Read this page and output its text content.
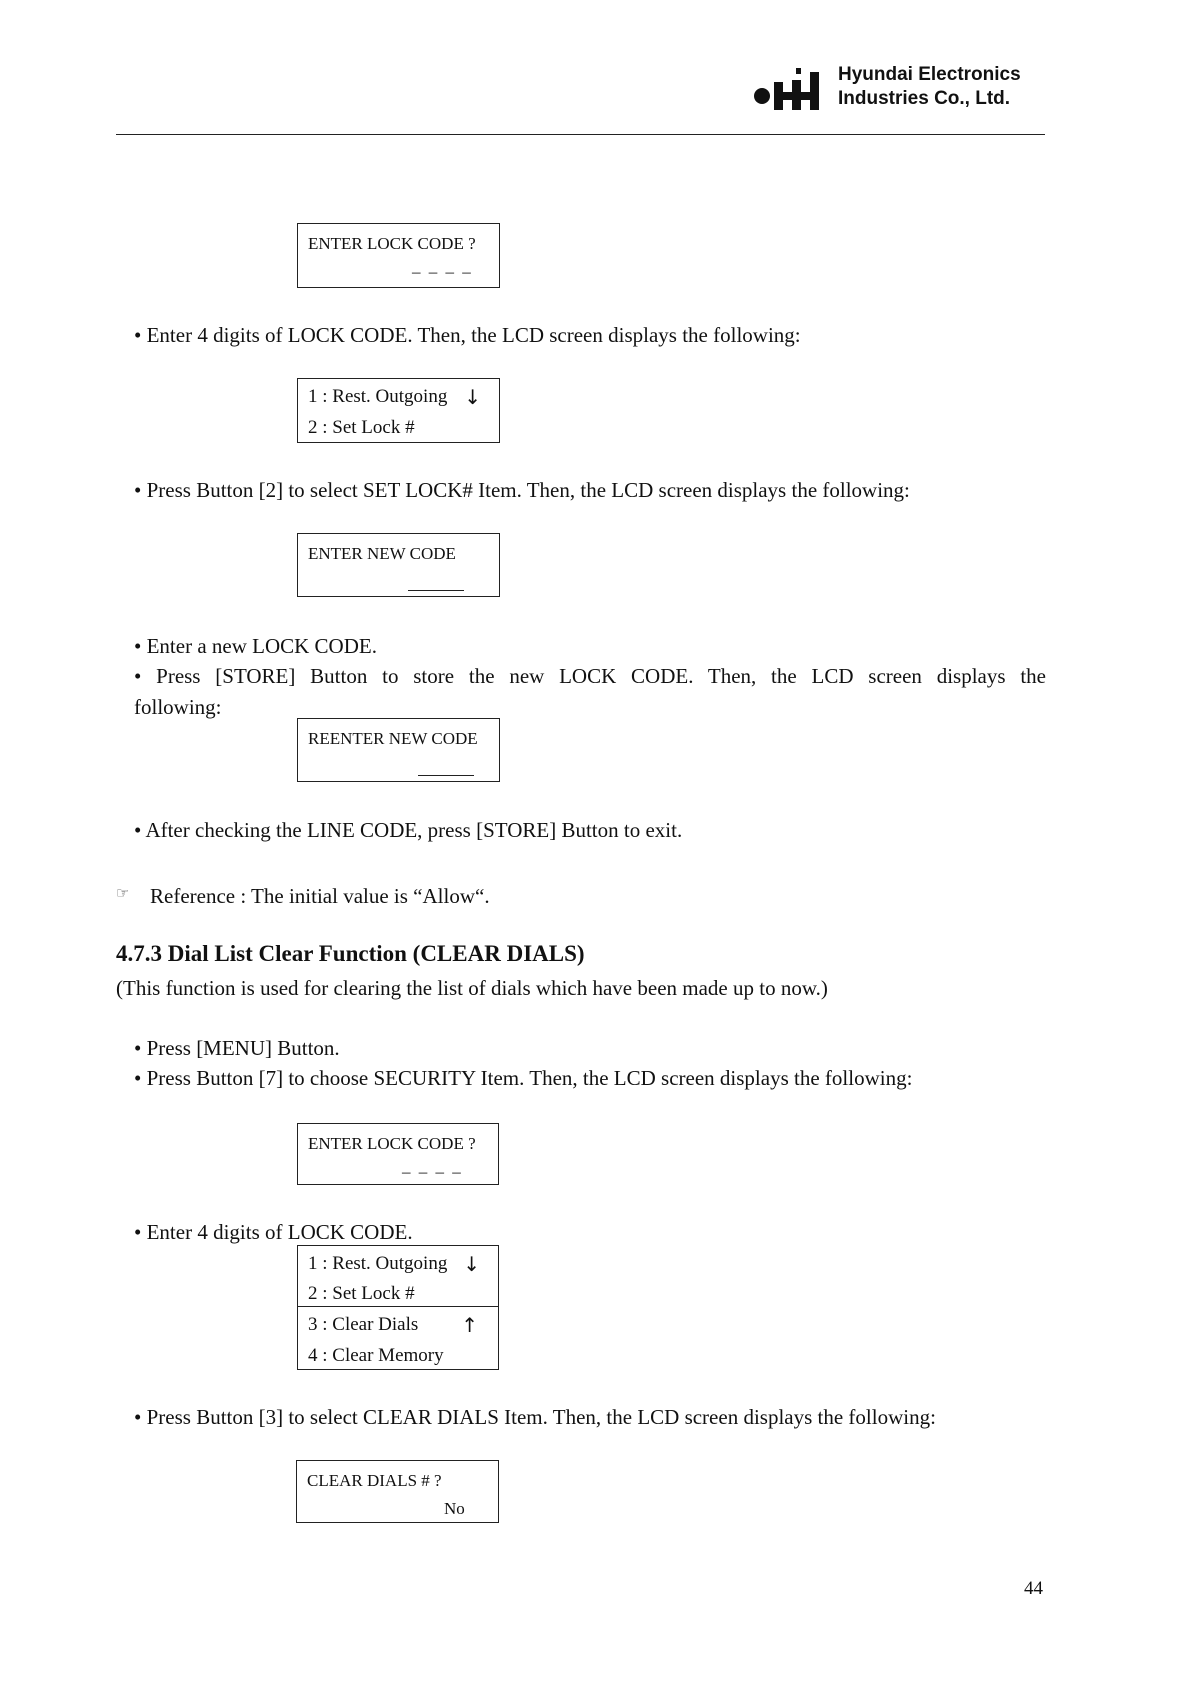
Hyundai Electronics
Industries Co., Ltd.
ENTER LOCK CODE ?
– – – –
• Enter 4 digits of LOCK CODE. Then, the LCD screen displays the following:
1 : Rest. Outgoing ↓
2 : Set Lock #
• Press Button [2] to select SET LOCK# Item. Then, the LCD screen displays the following:
ENTER NEW CODE
• Enter a new LOCK CODE.
• Press [STORE] Button to store the new LOCK CODE. Then, the LCD screen displays the
following:
REENTER NEW CODE
• After checking the LINE CODE, press [STORE] Button to exit.
☞ Reference : The initial value is “Allow“.
4.7.3 Dial List Clear Function (CLEAR DIALS)
(This function is used for clearing the list of dials which have been made up to now.)
• Press [MENU] Button.
• Press Button [7] to choose SECURITY Item. Then, the LCD screen displays the following:
ENTER LOCK CODE ?
– – – –
• Enter 4 digits of LOCK CODE.
1 : Rest. Outgoing ↓
2 : Set Lock #
3 : Clear Dials ↑
4 : Clear Memory
• Press Button [3] to select CLEAR DIALS Item. Then, the LCD screen displays the following:
CLEAR DIALS # ?
No
44
